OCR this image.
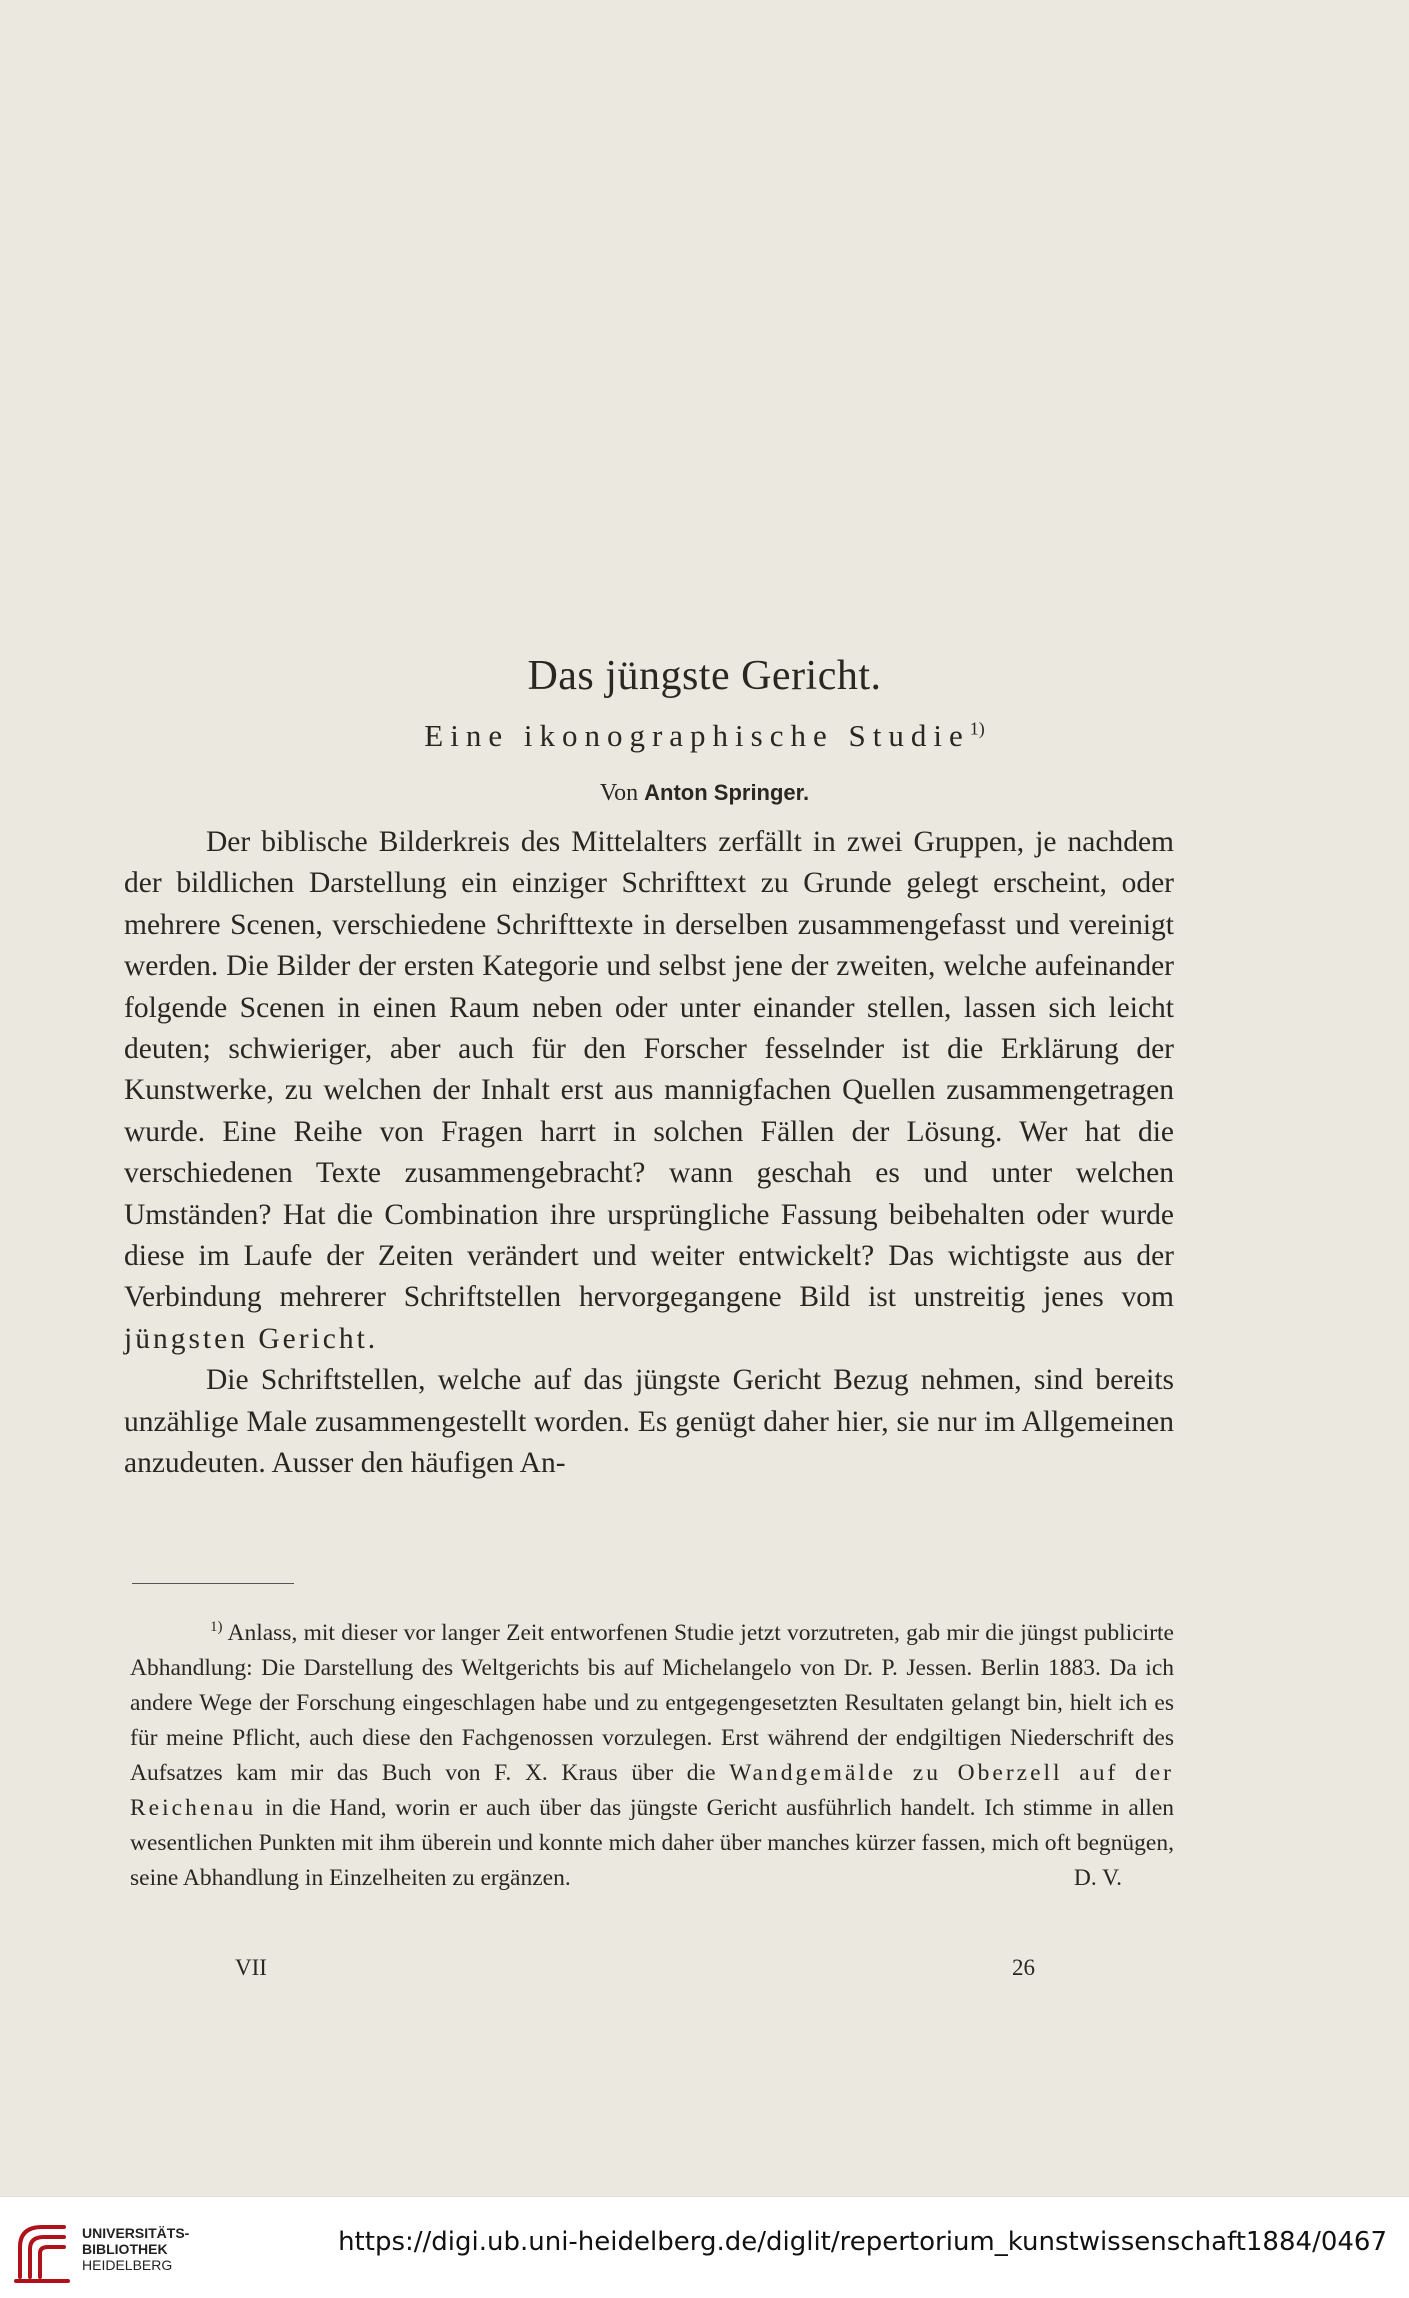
Das jüngste Gericht.
Eine ikonographische Studie$^{1)}$
Von Anton Springer.

Der biblische Bilderkreis des Mittelalters zerfällt in zwei Gruppen, je nachdem der bildlichen Darstellung ein einziger Schrifttext zu Grunde gelegt erscheint, oder mehrere Scenen, verschiedene Schrifttexte in derselben zusammengefasst und vereinigt werden. Die Bilder der ersten Kategorie und selbst jene der zweiten, welche aufeinander folgende Scenen in einen Raum neben oder unter einander stellen, lassen sich leicht deuten; schwieriger, aber auch für den Forscher fesselnder ist die Erklärung der Kunstwerke, zu welchen der Inhalt erst aus mannigfachen Quellen zusammengetragen wurde. Eine Reihe von Fragen harrt in solchen Fällen der Lösung. Wer hat die verschiedenen Texte zusammengebracht? wann geschah es und unter welchen Umständen? Hat die Combination ihre ursprüngliche Fassung beibehalten oder wurde diese im Laufe der Zeiten verändert und weiter entwickelt? Das wichtigste aus der Verbindung mehrerer Schriftstellen hervorgegangene Bild ist unstreitig jenes vom jüngsten Gericht.

Die Schriftstellen, welche auf das jüngste Gericht Bezug nehmen, sind bereits unzählige Male zusammengestellt worden. Es genügt daher hier, sie nur im Allgemeinen anzudeuten. Ausser den häufigen An-

$^{1)}$ Anlass, mit dieser vor langer Zeit entworfenen Studie jetzt vorzutreten, gab mir die jüngst publicirte Abhandlung: Die Darstellung des Weltgerichts bis auf Michelangelo von Dr. P. Jessen. Berlin 1883. Da ich andere Wege der Forschung eingeschlagen habe und zu entgegengesetzten Resultaten gelangt bin, hielt ich es für meine Pflicht, auch diese den Fachgenossen vorzulegen. Erst während der endgiltigen Niederschrift des Aufsatzes kam mir das Buch von F. X. Kraus über die Wandgemälde zu Oberzell auf der Reichenau in die Hand, worin er auch über das jüngste Gericht ausführlich handelt. Ich stimme in allen wesentlichen Punkten mit ihm überein und konnte mich daher über manches kürzer fassen, mich oft begnügen, seine Abhandlung in Einzelheiten zu ergänzen.	D. V.

VII	26
UNIVERSITÄTS-
BIBLIOTHEK
HEIDELBERG
https://digi.ub.uni-heidelberg.de/diglit/repertorium_kunstwissenschaft1884/0467
